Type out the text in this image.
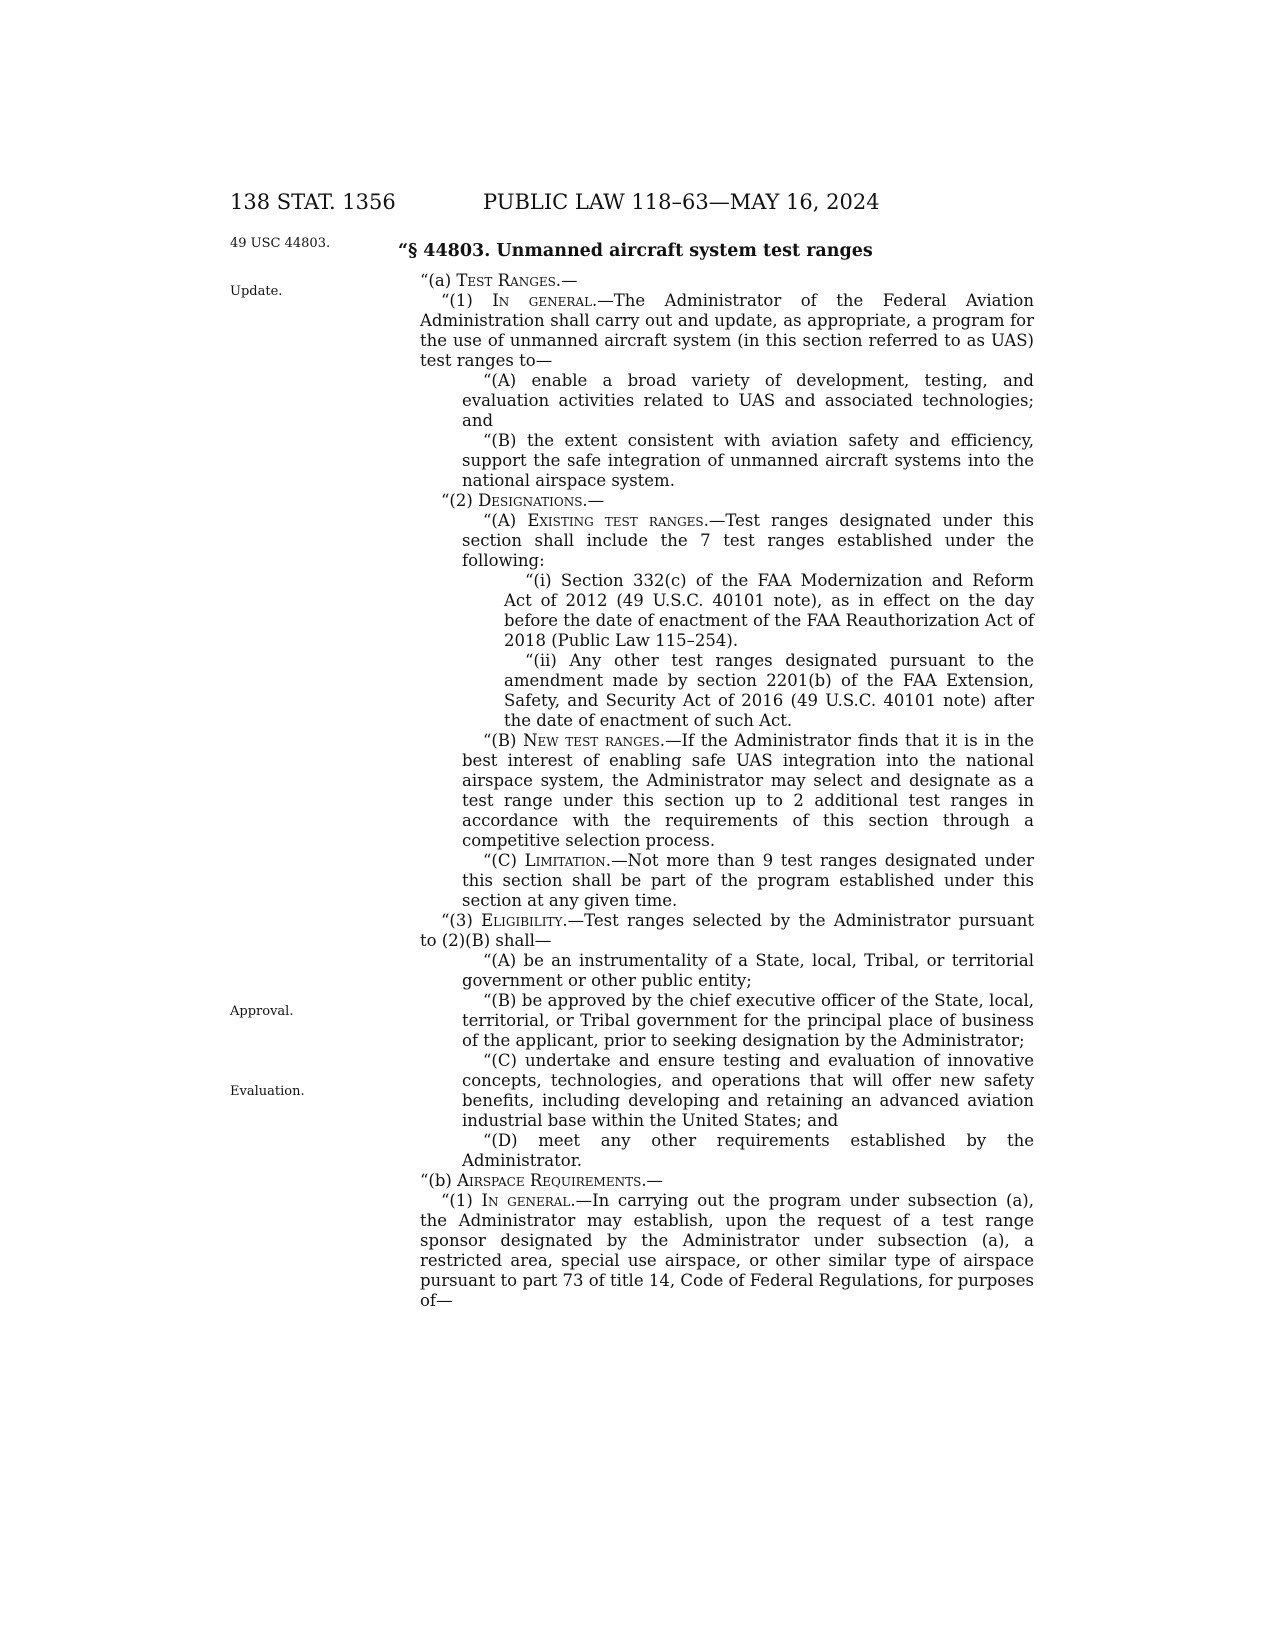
138 STAT. 1356	PUBLIC LAW 118–63—MAY 16, 2024
49 USC 44803.
Update.
Approval.
Evaluation.
“§ 44803. Unmanned aircraft system test ranges

“(a) Test Ranges.—

“(1) In general.—The Administrator of the Federal Aviation Administration shall carry out and update, as appropriate, a program for the use of unmanned aircraft system (in this section referred to as UAS) test ranges to—

“(A) enable a broad variety of development, testing, and evaluation activities related to UAS and associated technologies; and

“(B) the extent consistent with aviation safety and efficiency, support the safe integration of unmanned aircraft systems into the national airspace system.

“(2) Designations.—

“(A) Existing test ranges.—Test ranges designated under this section shall include the 7 test ranges established under the following:

“(i) Section 332(c) of the FAA Modernization and Reform Act of 2012 (49 U.S.C. 40101 note), as in effect on the day before the date of enactment of the FAA Reauthorization Act of 2018 (Public Law 115–254).

“(ii) Any other test ranges designated pursuant to the amendment made by section 2201(b) of the FAA Extension, Safety, and Security Act of 2016 (49 U.S.C. 40101 note) after the date of enactment of such Act.

“(B) New test ranges.—If the Administrator finds that it is in the best interest of enabling safe UAS integration into the national airspace system, the Administrator may select and designate as a test range under this section up to 2 additional test ranges in accordance with the requirements of this section through a competitive selection process.

“(C) Limitation.—Not more than 9 test ranges designated under this section shall be part of the program established under this section at any given time.

“(3) Eligibility.—Test ranges selected by the Administrator pursuant to (2)(B) shall—

“(A) be an instrumentality of a State, local, Tribal, or territorial government or other public entity;

“(B) be approved by the chief executive officer of the State, local, territorial, or Tribal government for the principal place of business of the applicant, prior to seeking designation by the Administrator;

“(C) undertake and ensure testing and evaluation of innovative concepts, technologies, and operations that will offer new safety benefits, including developing and retaining an advanced aviation industrial base within the United States; and

“(D) meet any other requirements established by the Administrator.

“(b) Airspace Requirements.—

“(1) In general.—In carrying out the program under subsection (a), the Administrator may establish, upon the request of a test range sponsor designated by the Administrator under subsection (a), a restricted area, special use airspace, or other similar type of airspace pursuant to part 73 of title 14, Code of Federal Regulations, for purposes of—
